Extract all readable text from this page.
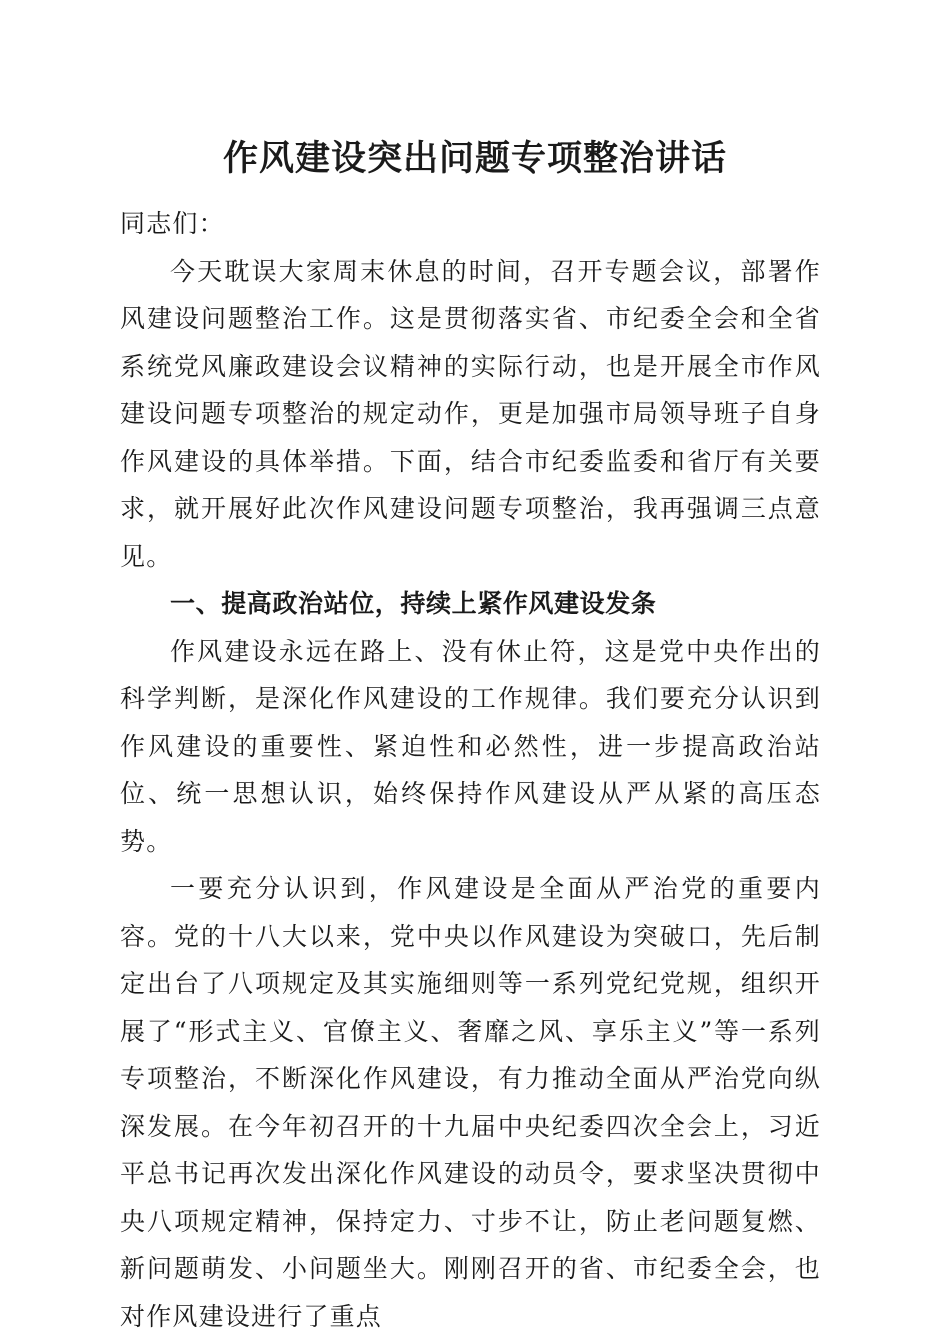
作风建设突出问题专项整治讲话

同志们：

今天耽误大家周末休息的时间，召开专题会议，部署作风建设问题整治工作。这是贯彻落实省、市纪委全会和全省系统党风廉政建设会议精神的实际行动，也是开展全市作风建设问题专项整治的规定动作，更是加强市局领导班子自身作风建设的具体举措。下面，结合市纪委监委和省厅有关要求，就开展好此次作风建设问题专项整治，我再强调三点意见。

一、提高政治站位，持续上紧作风建设发条

作风建设永远在路上、没有休止符，这是党中央作出的科学判断，是深化作风建设的工作规律。我们要充分认识到作风建设的重要性、紧迫性和必然性，进一步提高政治站位、统一思想认识，始终保持作风建设从严从紧的高压态势。

一要充分认识到，作风建设是全面从严治党的重要内容。党的十八大以来，党中央以作风建设为突破口，先后制定出台了八项规定及其实施细则等一系列党纪党规，组织开展了“形式主义、官僚主义、奢靡之风、享乐主义”等一系列专项整治，不断深化作风建设，有力推动全面从严治党向纵深发展。在今年初召开的十九届中央纪委四次全会上，习近平总书记再次发出深化作风建设的动员令，要求坚决贯彻中央八项规定精神，保持定力、寸步不让，防止老问题复燃、新问题萌发、小问题坐大。刚刚召开的省、市纪委全会，也对作风建设进行了重点
